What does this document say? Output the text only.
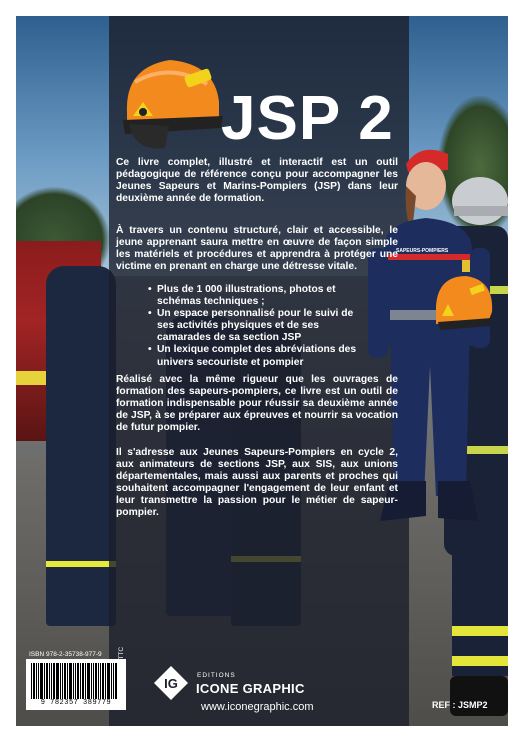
SAPEURS-POMPIERS
JSP 2

Ce livre complet, illustré et interactif est un outil pédagogique de référence conçu pour accompagner les Jeunes Sapeurs et Marins-Pompiers (JSP) dans leur deuxième année de formation.

À travers un contenu structuré, clair et accessible, le jeune apprenant saura mettre en œuvre de façon simple les matériels et procédures et apprendra à protéger une victime en prenant en charge une détresse vitale.

• Plus de 1 000 illustrations, photos et schémas techniques ;
• Un espace personnalisé pour le suivi de ses activités physiques et de ses camarades de sa section JSP
• Un lexique complet des abréviations des univers secouriste et pompier

Réalisé avec la même rigueur que les ouvrages de formation des sapeurs-pompiers, ce livre est un outil de formation indispensable pour réussir sa deuxième année de JSP, à se préparer aux épreuves et nourrir sa vocation de futur pompier.

Il s'adresse aux Jeunes Sapeurs-Pompiers en cycle 2, aux animateurs de sections JSP, aux SIS, aux unions départementales, mais aussi aux parents et proches qui souhaitent accompagner l'engagement de leur enfant et leur transmettre la passion pour le métier de sapeur-pompier.

ISBN 978-2-35738-977-9
9 782357 389779
12,50 € TTC
IG
EDITIONS
ICONE GRAPHIC
www.iconegraphic.com	REF : JSMP2
